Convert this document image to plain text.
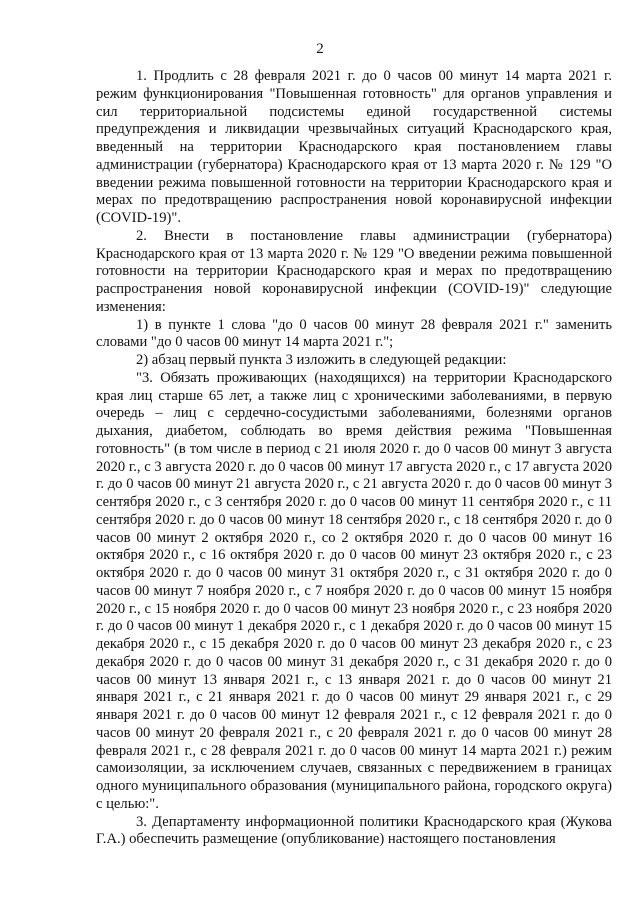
2

1. Продлить с 28 февраля 2021 г. до 0 часов 00 минут 14 марта 2021 г. режим функционирования "Повышенная готовность" для органов управления и сил территориальной подсистемы единой государственной системы предупреждения и ликвидации чрезвычайных ситуаций Краснодарского края, введенный на территории Краснодарского края постановлением главы администрации (губернатора) Краснодарского края от 13 марта 2020 г. № 129 "О введении режима повышенной готовности на территории Краснодарского края и мерах по предотвращению распространения новой коронавирусной инфекции (COVID-19)".

2. Внести в постановление главы администрации (губернатора) Краснодарского края от 13 марта 2020 г. № 129 "О введении режима повышенной готовности на территории Краснодарского края и мерах по предотвращению распространения новой коронавирусной инфекции (COVID-19)" следующие изменения:

1) в пункте 1 слова "до 0 часов 00 минут 28 февраля 2021 г." заменить словами "до 0 часов 00 минут 14 марта 2021 г.";

2) абзац первый пункта 3 изложить в следующей редакции:

"3. Обязать проживающих (находящихся) на территории Краснодарского края лиц старше 65 лет, а также лиц с хроническими заболеваниями, в первую очередь – лиц с сердечно-сосудистыми заболеваниями, болезнями органов дыхания, диабетом, соблюдать во время действия режима "Повышенная готовность" (в том числе в период с 21 июля 2020 г. до 0 часов 00 минут 3 августа 2020 г., с 3 августа 2020 г. до 0 часов 00 минут 17 августа 2020 г., с 17 августа 2020 г. до 0 часов 00 минут 21 августа 2020 г., с 21 августа 2020 г. до 0 часов 00 минут 3 сентября 2020 г., с 3 сентября 2020 г. до 0 часов 00 минут 11 сентября 2020 г., с 11 сентября 2020 г. до 0 часов 00 минут 18 сентября 2020 г., с 18 сентября 2020 г. до 0 часов 00 минут 2 октября 2020 г., со 2 октября 2020 г. до 0 часов 00 минут 16 октября 2020 г., с 16 октября 2020 г. до 0 часов 00 минут 23 октября 2020 г., с 23 октября 2020 г. до 0 часов 00 минут 31 октября 2020 г., с 31 октября 2020 г. до 0 часов 00 минут 7 ноября 2020 г., с 7 ноября 2020 г. до 0 часов 00 минут 15 ноября 2020 г., с 15 ноября 2020 г. до 0 часов 00 минут 23 ноября 2020 г., с 23 ноября 2020 г. до 0 часов 00 минут 1 декабря 2020 г., с 1 декабря 2020 г. до 0 часов 00 минут 15 декабря 2020 г., с 15 декабря 2020 г. до 0 часов 00 минут 23 декабря 2020 г., с 23 декабря 2020 г. до 0 часов 00 минут 31 декабря 2020 г., с 31 декабря 2020 г. до 0 часов 00 минут 13 января 2021 г., с 13 января 2021 г. до 0 часов 00 минут 21 января 2021 г., с 21 января 2021 г. до 0 часов 00 минут 29 января 2021 г., с 29 января 2021 г. до 0 часов 00 минут 12 февраля 2021 г., с 12 февраля 2021 г. до 0 часов 00 минут 20 февраля 2021 г., с 20 февраля 2021 г. до 0 часов 00 минут 28 февраля 2021 г., с 28 февраля 2021 г. до 0 часов 00 минут 14 марта 2021 г.) режим самоизоляции, за исключением случаев, связанных с передвижением в границах одного муниципального образования (муниципального района, городского округа) с целью:".

3. Департаменту информационной политики Краснодарского края (Жукова Г.А.) обеспечить размещение (опубликование) настоящего постановления
